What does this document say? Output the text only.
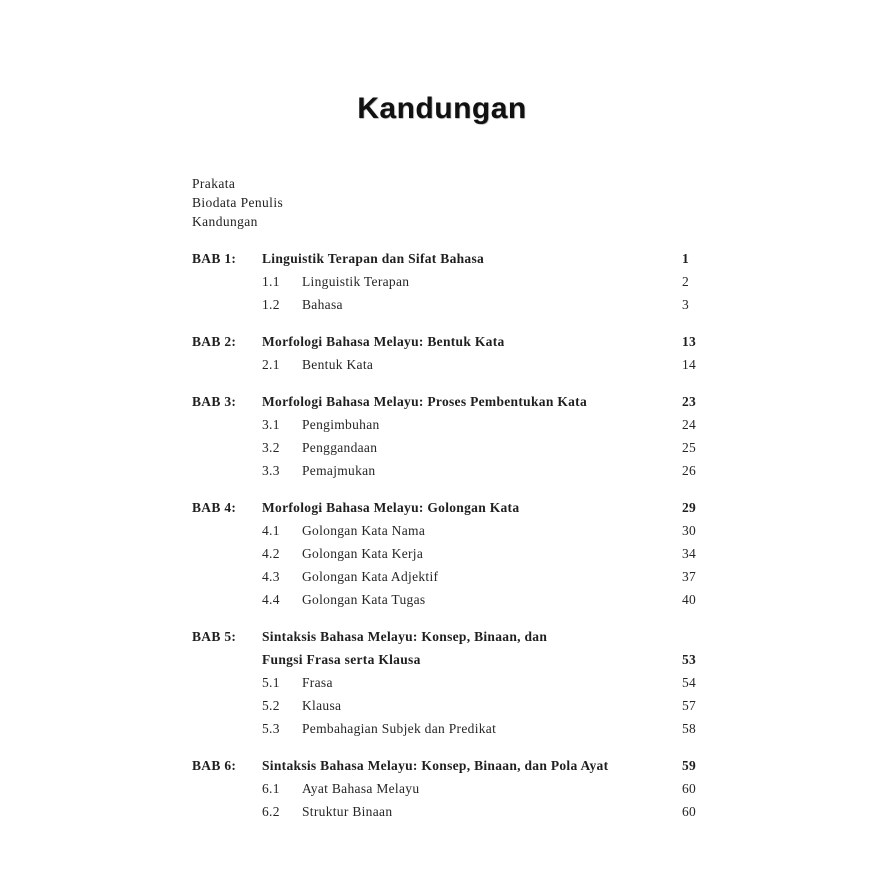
Kandungan
Prakata
Biodata Penulis
Kandungan
BAB 1:	Linguistik Terapan dan Sifat Bahasa	1
1.1	Linguistik Terapan	2
1.2	Bahasa	3
BAB 2:	Morfologi Bahasa Melayu: Bentuk Kata	13
2.1	Bentuk Kata	14
BAB 3:	Morfologi Bahasa Melayu: Proses Pembentukan Kata	23
3.1	Pengimbuhan	24
3.2	Penggandaan	25
3.3	Pemajmukan	26
BAB 4:	Morfologi Bahasa Melayu: Golongan Kata	29
4.1	Golongan Kata Nama	30
4.2	Golongan Kata Kerja	34
4.3	Golongan Kata Adjektif	37
4.4	Golongan Kata Tugas	40
BAB 5:	Sintaksis Bahasa Melayu: Konsep, Binaan, dan
Fungsi Frasa serta Klausa	53
5.1	Frasa	54
5.2	Klausa	57
5.3	Pembahagian Subjek dan Predikat	58
BAB 6:	Sintaksis Bahasa Melayu: Konsep, Binaan, dan Pola Ayat	59
6.1	Ayat Bahasa Melayu	60
6.2	Struktur Binaan	60
